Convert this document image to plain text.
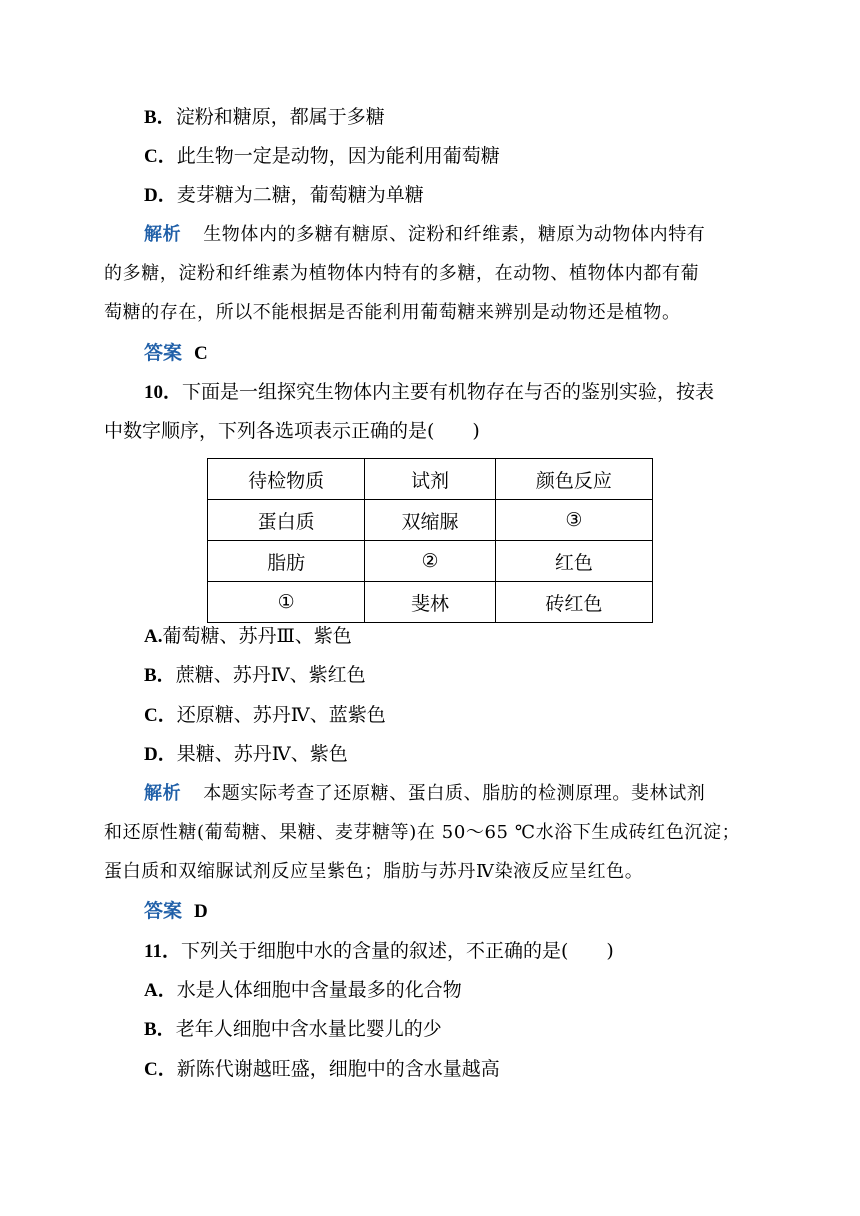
B．淀粉和糖原，都属于多糖
C．此生物一定是动物，因为能利用葡萄糖
D．麦芽糖为二糖，葡萄糖为单糖
解析 生物体内的多糖有糖原、淀粉和纤维素，糖原为动物体内特有
的多糖，淀粉和纤维素为植物体内特有的多糖，在动物、植物体内都有葡
萄糖的存在，所以不能根据是否能利用葡萄糖来辨别是动物还是植物。
答案 C
10．下面是一组探究生物体内主要有机物存在与否的鉴别实验，按表
中数字顺序，下列各选项表示正确的是(　　)
待检物质	试剂	颜色反应
蛋白质	双缩脲	③
脂肪	②	红色
①	斐林	砖红色
A.葡萄糖、苏丹Ⅲ、紫色
B．蔗糖、苏丹Ⅳ、紫红色
C．还原糖、苏丹Ⅳ、蓝紫色
D．果糖、苏丹Ⅳ、紫色
解析 本题实际考查了还原糖、蛋白质、脂肪的检测原理。斐林试剂
和还原性糖(葡萄糖、果糖、麦芽糖等)在 50～65 ℃水浴下生成砖红色沉淀；
蛋白质和双缩脲试剂反应呈紫色；脂肪与苏丹Ⅳ染液反应呈红色。
答案 D
11．下列关于细胞中水的含量的叙述，不正确的是(　　)
A．水是人体细胞中含量最多的化合物
B．老年人细胞中含水量比婴儿的少
C．新陈代谢越旺盛，细胞中的含水量越高
